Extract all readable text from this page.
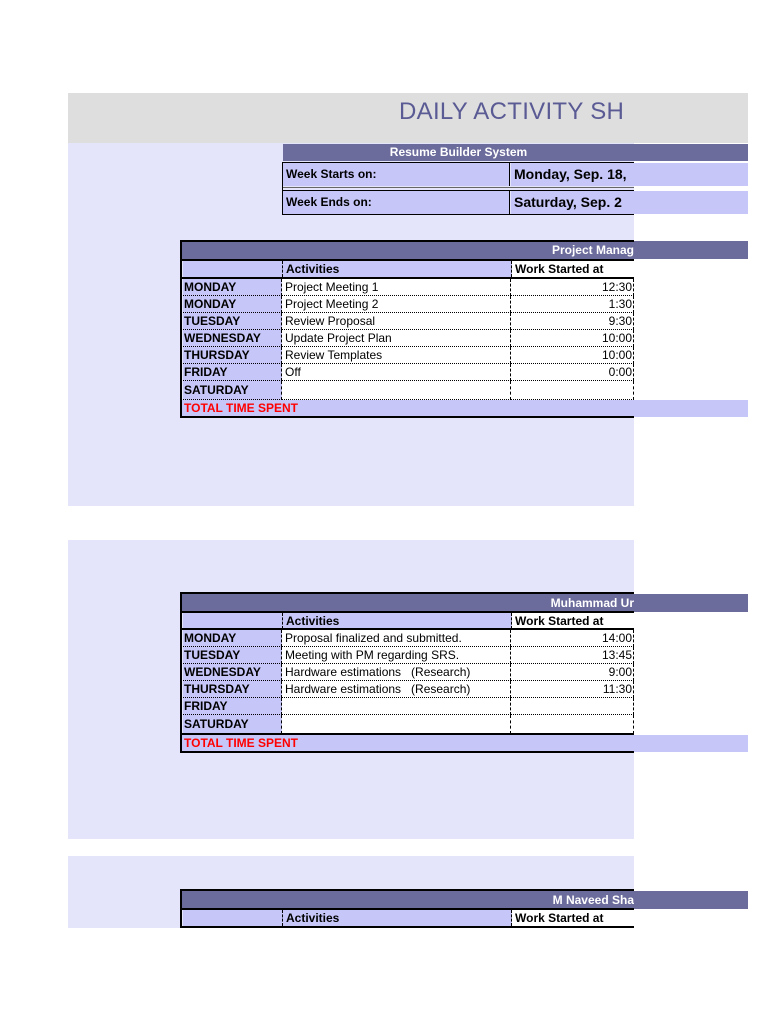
DAILY ACTIVITY SH
Resume Builder System
Week Starts on:	Monday, Sep. 18,
Week Ends on:	Saturday, Sep. 2
Project Manag
Activities	Work Started at
MONDAY	Project Meeting 1	12:30
MONDAY	Project Meeting 2	1:30
TUESDAY	Review Proposal	9:30
WEDNESDAY	Update Project Plan	10:00
THURSDAY	Review Templates	10:00
FRIDAY	Off	0:00
SATURDAY
TOTAL TIME SPENT
Muhammad Ur
Activities	Work Started at
MONDAY	Proposal finalized and submitted.	14:00
TUESDAY	Meeting with PM regarding SRS.	13:45
WEDNESDAY	Hardware estimations   (Research)	9:00
THURSDAY	Hardware estimations   (Research)	11:30
FRIDAY
SATURDAY
TOTAL TIME SPENT
M Naveed Sha
Activities	Work Started at
